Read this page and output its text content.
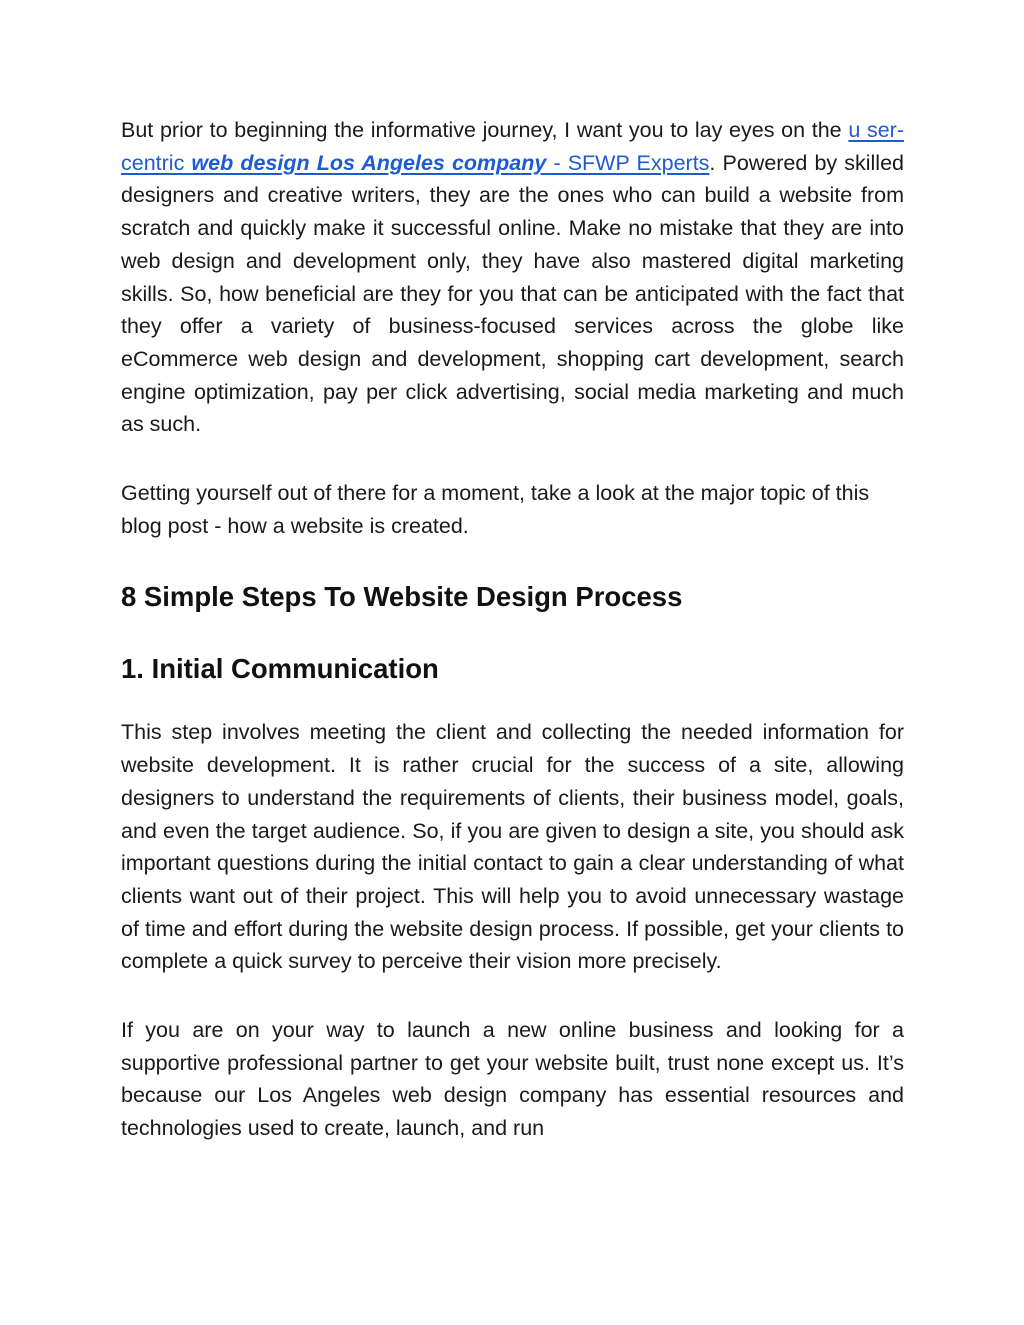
But prior to beginning the informative journey, I want you to lay eyes on the u ser-centric web design Los Angeles company - SFWP Experts. Powered by skilled designers and creative writers, they are the ones who can build a website from scratch and quickly make it successful online. Make no mistake that they are into web design and development only, they have also mastered digital marketing skills. So, how beneficial are they for you that can be anticipated with the fact that they offer a variety of business-focused services across the globe like eCommerce web design and development, shopping cart development, search engine optimization, pay per click advertising, social media marketing and much as such.

Getting yourself out of there for a moment, take a look at the major topic of this blog post - how a website is created.

8 Simple Steps To Website Design Process
1. Initial Communication

This step involves meeting the client and collecting the needed information for website development. It is rather crucial for the success of a site, allowing designers to understand the requirements of clients, their business model, goals, and even the target audience. So, if you are given to design a site, you should ask important questions during the initial contact to gain a clear understanding of what clients want out of their project. This will help you to avoid unnecessary wastage of time and effort during the website design process. If possible, get your clients to complete a quick survey to perceive their vision more precisely.

If you are on your way to launch a new online business and looking for a supportive professional partner to get your website built, trust none except us. It’s because our Los Angeles web design company has essential resources and technologies used to create, launch, and run
